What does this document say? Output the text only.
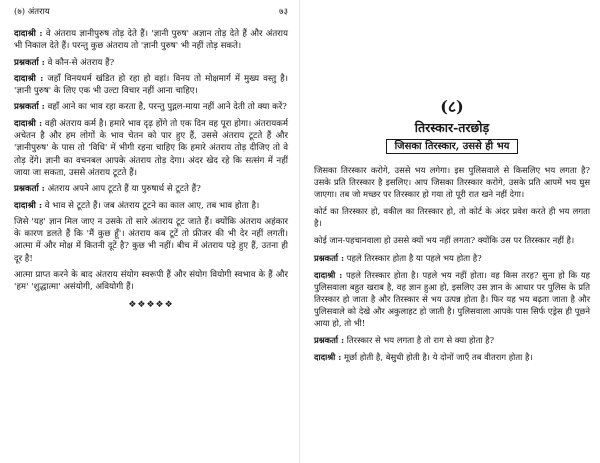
(७) अंतराय	७३

दादाश्री : वे अंतराय ज्ञानीपुरुष तोड़ देते हैं। 'ज्ञानी पुरुष' अज्ञान तोड़ देते हैं और अंतराय भी निकाल देते हैं। परन्तु कुछ अंतराय तो 'ज्ञानी पुरुष' भी नहीं तोड़ सकते।

प्रश्नकर्ता : वे कौन-से अंतराय हैं?

दादाश्री : जहाँ विनयधर्म खंडित हो रहा हो वहां। विनय तो मोक्षमार्ग में मुख्य वस्तु है। 'ज्ञानी पुरुष' के लिए एक भी उल्टा विचार नहीं आना चाहिए।

प्रश्नकर्ता : वहाँ आने का भाव रहा करता है, परन्तु पुद्गल-माया नहीं आने देती तो क्या करें?

दादाश्री : वही अंतराय कर्म है। हमारे भाव दृढ़ होंगे तो एक दिन वह पूरा होगा। अंतरायकर्म अचेतन है और हम लोगों के भाव चेतन को पार हुए हैं, उससे अंतराय टूटते हैं और 'ज्ञानीपुरुष' के पास तो 'विधि' में भीगी रहना चाहिए कि हमारे अंतराय तोड़ दीजिए तो वे तोड़ देंगे। ज्ञानी का वचनबल आपके अंतराय तोड़ देगा। अंदर खेद रहे कि सत्संग में नहीं जाया जा सकता, उससे अंतराय टूटते हैं।

प्रश्नकर्ता : अंतराय अपने आप टूटते हैं या पुरुषार्थ से टूटते हैं?

दादाश्री : वे भाव से टूटते हैं। जब अंतराय टूटने का काल आए, तब भाव होता है।

जिसे 'यह' ज्ञान मिल जाए न उसके तो सारे अंतराय टूट जाते हैं। क्योंकि अंतराय अहंकार के कारण डलते हैं कि 'मैं कुछ हूँ'। अंतराय कब टूटें तो फ्रीजर की भी देर नहीं लगती। आत्मा में और मोक्ष में कितनी दूटें है? कुछ भी नहीं। बीच में अंतराय पड़े हुए हैं, उतना ही दूर है!

आत्मा प्राप्त करने के बाद अंतराय संयोग स्वरूपी हैं और संयोग वियोगी स्वभाव के हैं और 'हम' 'शुद्धात्मा' असंयोगी, अवियोगी हैं।

❖❖❖❖❖
(८)
तिरस्कार-तरछोड़
जिसका तिरस्कार, उससे ही भय

जिसका तिरस्कार करोगे, उससे भय लगेगा। इस पुलिसवाले से किसलिए भय लगता है? उसके प्रति तिरस्कार है इसलिए। आप जिसका तिरस्कार करोगे, उसके प्रति आपमें भय घुस जाएगा। तब जो मच्छर पर तिरस्कार हो गया तो पूरी रात खने नहीं देगा।

कोर्ट का तिरस्कार हो, वकील का तिरस्कार हो, तो कोर्ट के अंदर प्रवेश करते ही भय लगता है।

कोई जान-पहचानवाला हो उससे क्यों भय नहीं लगता? क्योंकि उस पर तिरस्कार नहीं है।

प्रश्नकर्ता : पहले तिरस्कार होता है या पहले भय होता है?

दादाश्री : पहले तिरस्कार होता है। पहले भय नहीं होता। वह किस तरह? सुना हो कि यह पुलिसवाला बहुत खराब है, वह ज्ञान हुआ हो, इसलिए उस ज्ञान के आधार पर पुलिस के प्रति तिरस्कार हो जाता है और तिरस्कार से भय उत्पन्न होता है। फिर यह भय बढ़ता जाता है और पुलिसवाले को देखे और अकुलाहट हो जाती है। पुलिसवाला आपके पास सिर्फ एड्रेस ही पूछने आया हो, तो भी!

प्रश्नकर्ता : तिरस्कार से भय लगता है तो राग से क्या होता है?

दादाश्री : मूर्छा होती है, बेसुधी होती है। ये दोनों जाएँ तब वीतराग होता है।
